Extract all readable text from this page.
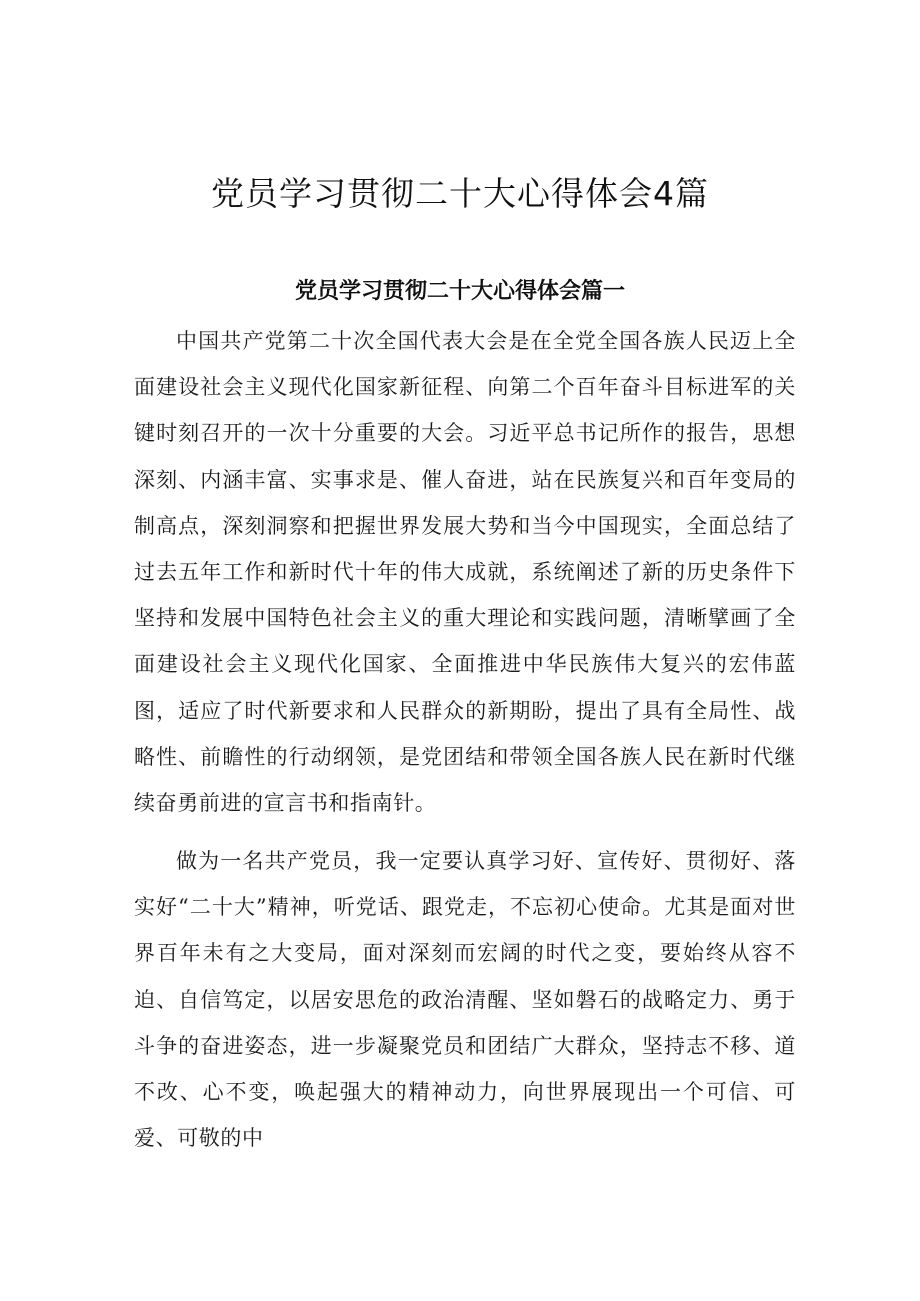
党员学习贯彻二十大心得体会4篇
党员学习贯彻二十大心得体会篇一

中国共产党第二十次全国代表大会是在全党全国各族人民迈上全面建设社会主义现代化国家新征程、向第二个百年奋斗目标进军的关键时刻召开的一次十分重要的大会。习近平总书记所作的报告，思想深刻、内涵丰富、实事求是、催人奋进，站在民族复兴和百年变局的制高点，深刻洞察和把握世界发展大势和当今中国现实，全面总结了过去五年工作和新时代十年的伟大成就，系统阐述了新的历史条件下坚持和发展中国特色社会主义的重大理论和实践问题，清晰擘画了全面建设社会主义现代化国家、全面推进中华民族伟大复兴的宏伟蓝图，适应了时代新要求和人民群众的新期盼，提出了具有全局性、战略性、前瞻性的行动纲领，是党团结和带领全国各族人民在新时代继续奋勇前进的宣言书和指南针。

做为一名共产党员，我一定要认真学习好、宣传好、贯彻好、落实好“二十大”精神，听党话、跟党走，不忘初心使命。尤其是面对世界百年未有之大变局，面对深刻而宏阔的时代之变，要始终从容不迫、自信笃定，以居安思危的政治清醒、坚如磐石的战略定力、勇于斗争的奋进姿态，进一步凝聚党员和团结广大群众，坚持志不移、道不改、心不变，唤起强大的精神动力，向世界展现出一个可信、可爱、可敬的中
